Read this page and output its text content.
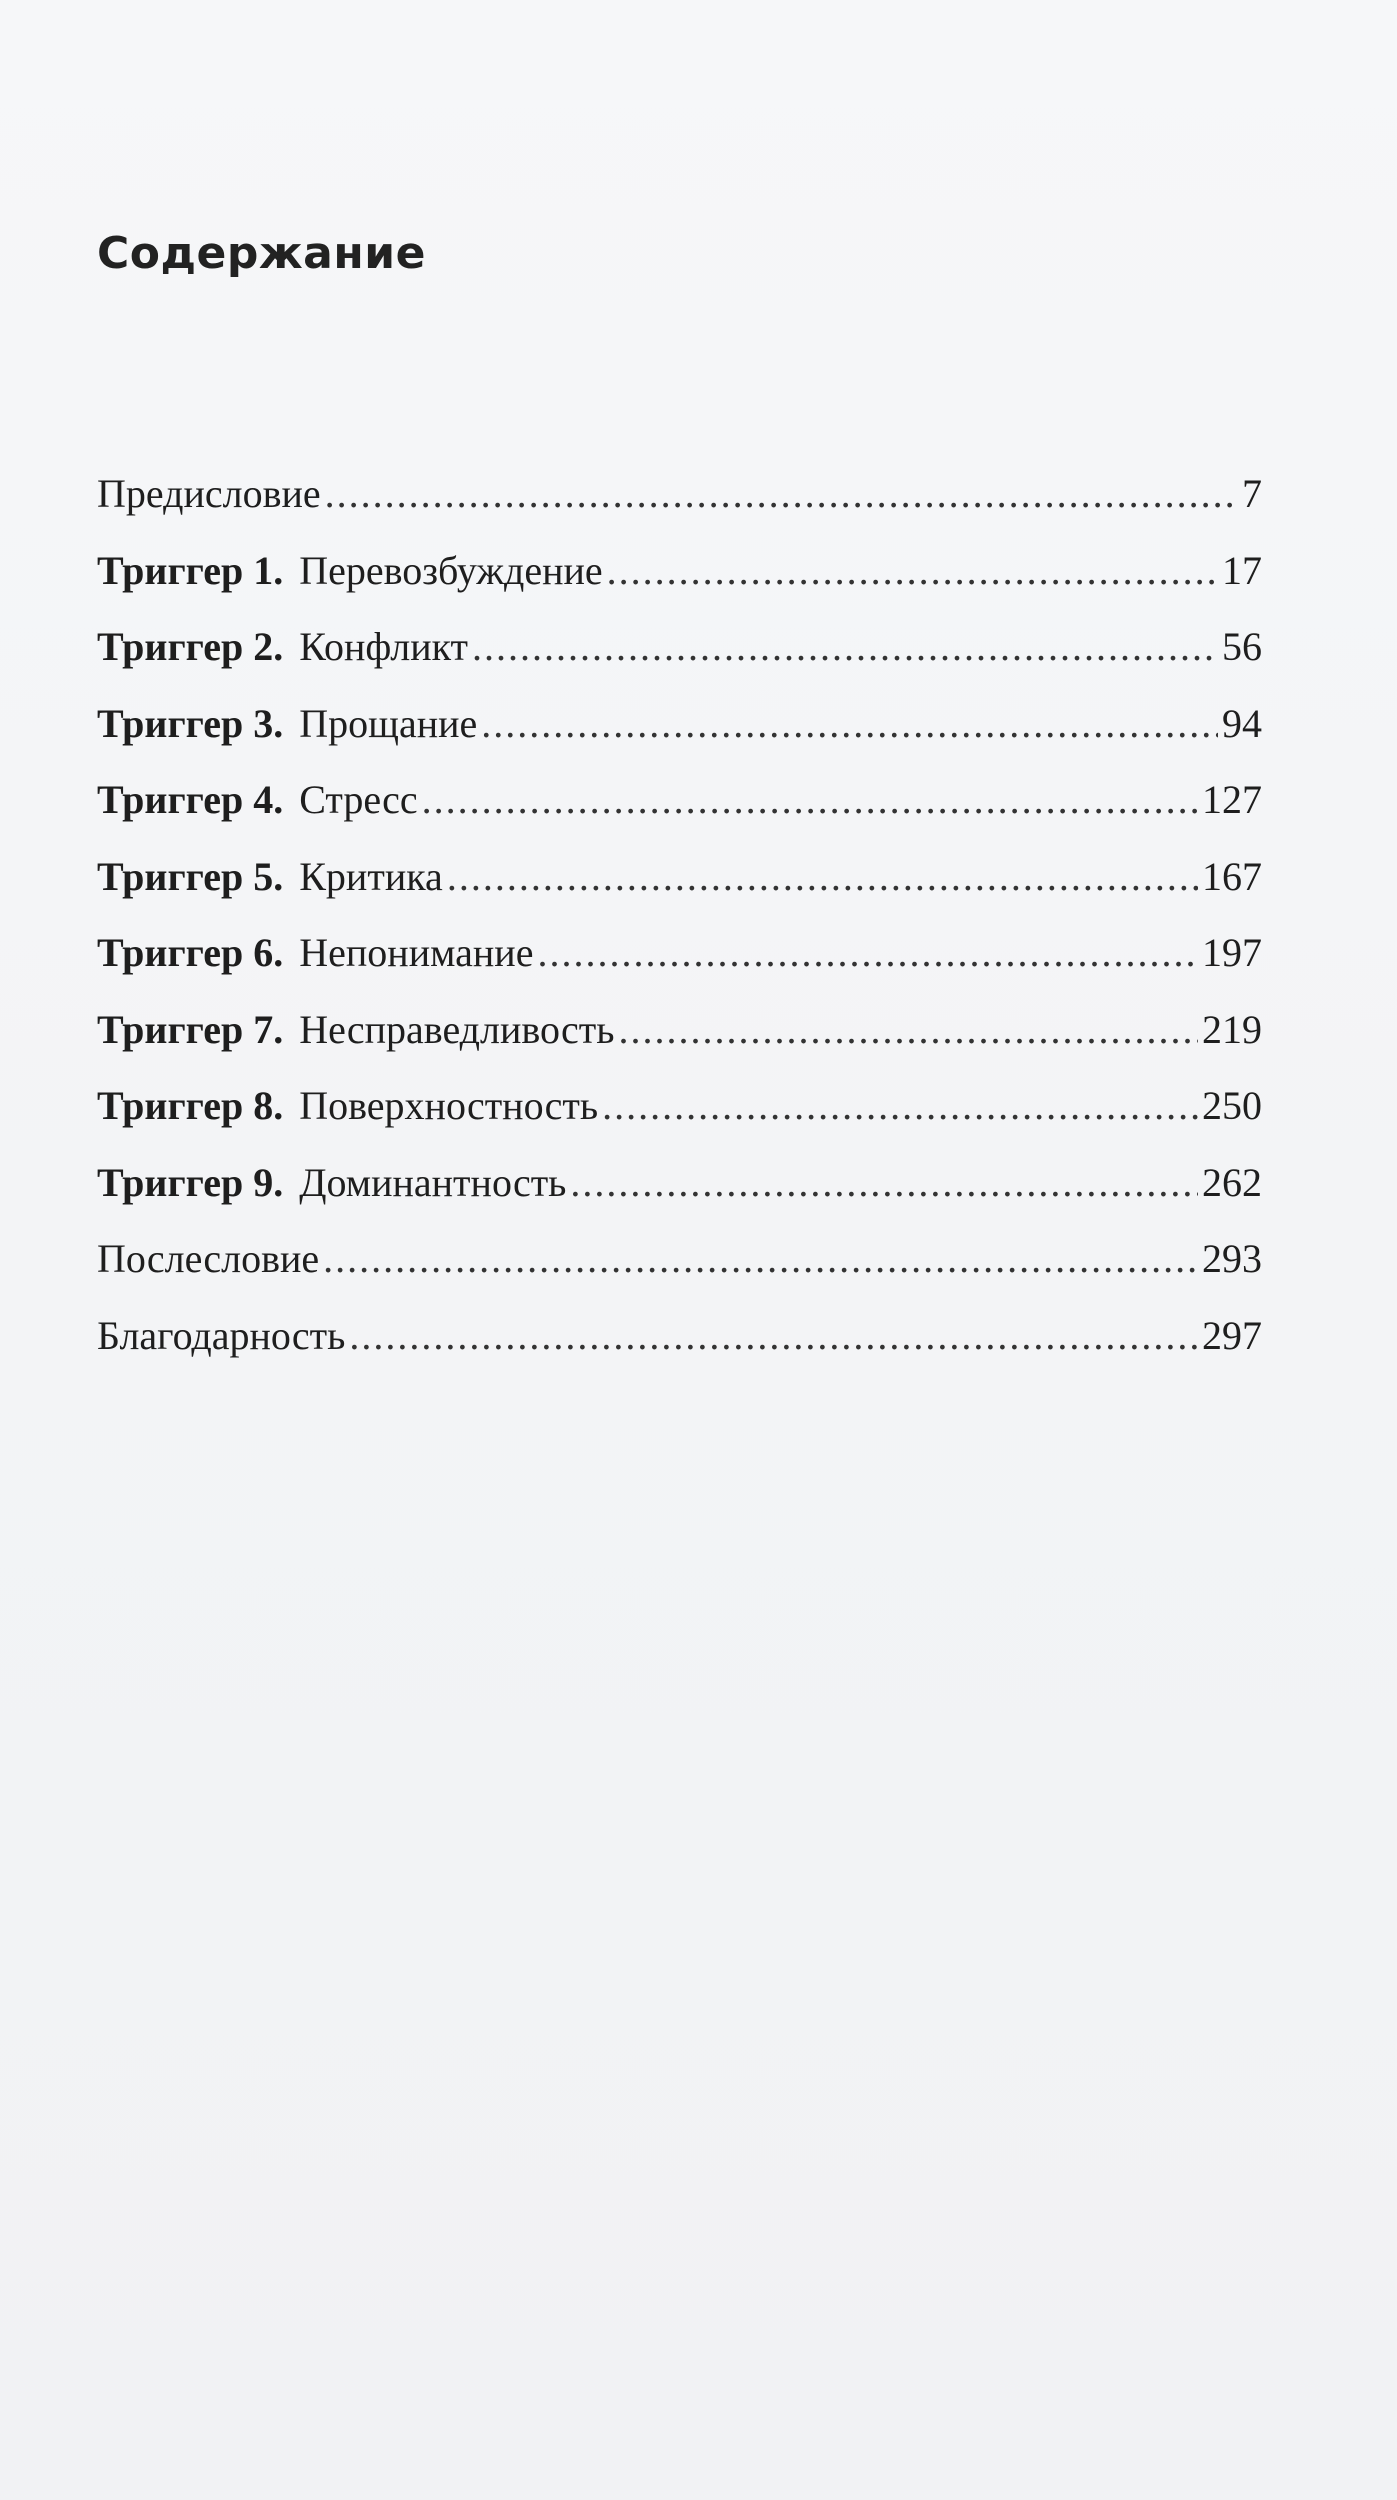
Содержание
Предисловие .....	7
Триггер 1. Перевозбуждение .....	17
Триггер 2. Конфликт .....	56
Триггер 3. Прощание .....	94
Триггер 4. Стресс .....	127
Триггер 5. Критика .....	167
Триггер 6. Непонимание .....	197
Триггер 7. Несправедливость .....	219
Триггер 8. Поверхностность .....	250
Триггер 9. Доминантность .....	262
Послесловие .....	293
Благодарность .....	297
